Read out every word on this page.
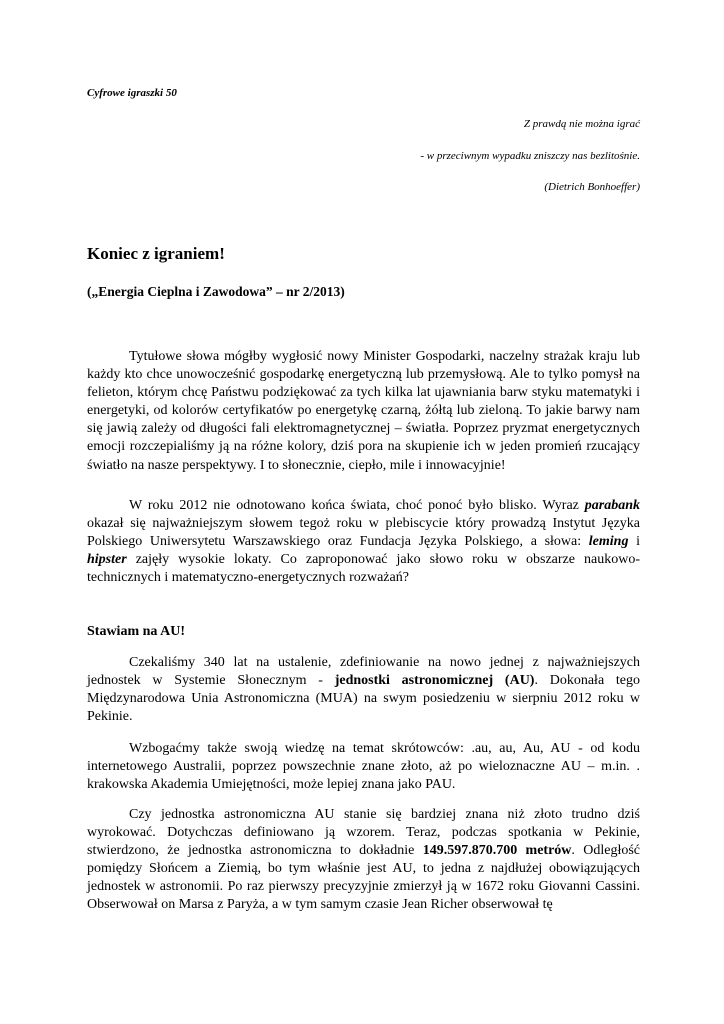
Cyfrowe igraszki 50
Z prawdą nie można igrać
- w przeciwnym wypadku zniszczy nas bezlitośnie.
(Dietrich Bonhoeffer)
Koniec z igraniem!
(„Energia Cieplna i Zawodowa” – nr 2/2013)

Tytułowe słowa mógłby wygłosić nowy Minister Gospodarki, naczelny strażak kraju lub każdy kto chce unowocześnić gospodarkę energetyczną lub przemysłową. Ale to tylko pomysł na felieton, którym chcę Państwu podziękować za tych kilka lat ujawniania barw styku matematyki i energetyki, od kolorów certyfikatów po energetykę czarną, żółtą lub zieloną. To jakie barwy nam się jawią zależy od długości fali elektromagnetycznej – światła. Poprzez pryzmat energetycznych emocji rozczepialiśmy ją na różne kolory, dziś pora na skupienie ich w jeden promień rzucający światło na nasze perspektywy. I to słonecznie, ciepło, mile i innowacyjnie!

W roku 2012 nie odnotowano końca świata, choć ponoć było blisko. Wyraz parabank okazał się najważniejszym słowem tegoż roku w plebiscycie który prowadzą Instytut Języka Polskiego Uniwersytetu Warszawskiego oraz Fundacja Języka Polskiego, a słowa: leming i hipster zajęły wysokie lokaty. Co zaproponować jako słowo roku w obszarze naukowo-technicznych i matematyczno-energetycznych rozważań?

Stawiam na AU!

Czekaliśmy 340 lat na ustalenie, zdefiniowanie na nowo jednej z najważniejszych jednostek w Systemie Słonecznym - jednostki astronomicznej (AU). Dokonała tego Międzynarodowa Unia Astronomiczna (MUA) na swym posiedzeniu w sierpniu 2012 roku w Pekinie.

Wzbogaćmy także swoją wiedzę na temat skrótowców: .au, au, Au, AU - od kodu internetowego Australii, poprzez powszechnie znane złoto, aż po wieloznaczne AU – m.in. . krakowska Akademia Umiejętności, może lepiej znana jako PAU.

Czy jednostka astronomiczna AU stanie się bardziej znana niż złoto trudno dziś wyrokować. Dotychczas definiowano ją wzorem. Teraz, podczas spotkania w Pekinie, stwierdzono, że jednostka astronomiczna to dokładnie 149.597.870.700 metrów. Odległość pomiędzy Słońcem a Ziemią, bo tym właśnie jest AU, to jedna z najdłużej obowiązujących jednostek w astronomii. Po raz pierwszy precyzyjnie zmierzył ją w 1672 roku Giovanni Cassini. Obserwował on Marsa z Paryża, a w tym samym czasie Jean Richer obserwował tę
